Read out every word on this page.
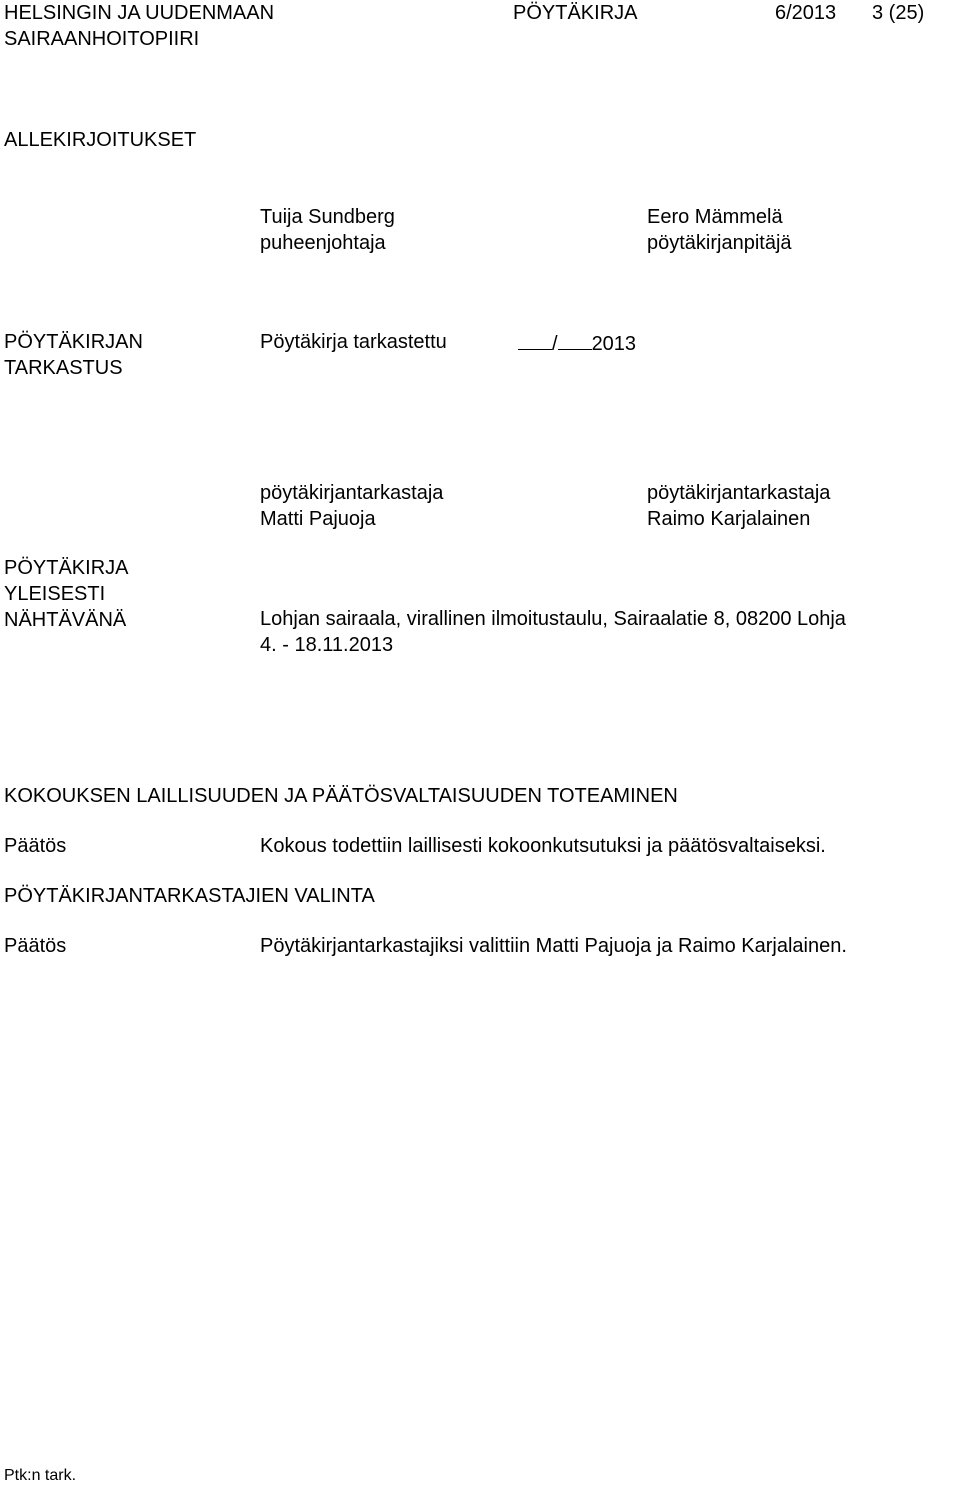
HELSINGIN JA UUDENMAAN
SAIRAANHOITOPIIRI
PÖYTÄKIRJA	6/2013 3 (25)
ALLEKIRJOITUKSET
Tuija Sundberg
puheenjohtaja
Eero Mämmelä
pöytäkirjanpitäjä
PÖYTÄKIRJAN
TARKASTUS
Pöytäkirja tarkastettu	/ 2013
pöytäkirjantarkastaja
Matti Pajuoja
pöytäkirjantarkastaja
Raimo Karjalainen
PÖYTÄKIRJA
YLEISESTI
NÄHTÄVÄNÄ	Lohjan sairaala, virallinen ilmoitustaulu, Sairaalatie 8, 08200 Lohja
4. - 18.11.2013
KOKOUKSEN LAILLISUUDEN JA PÄÄTÖSVALTAISUUDEN TOTEAMINEN
Päätös	Kokous todettiin laillisesti kokoonkutsutuksi ja päätösvaltaiseksi.
PÖYTÄKIRJANTARKASTAJIEN VALINTA
Päätös	Pöytäkirjantarkastajiksi valittiin Matti Pajuoja ja Raimo Karjalainen.
Ptk:n tark.
